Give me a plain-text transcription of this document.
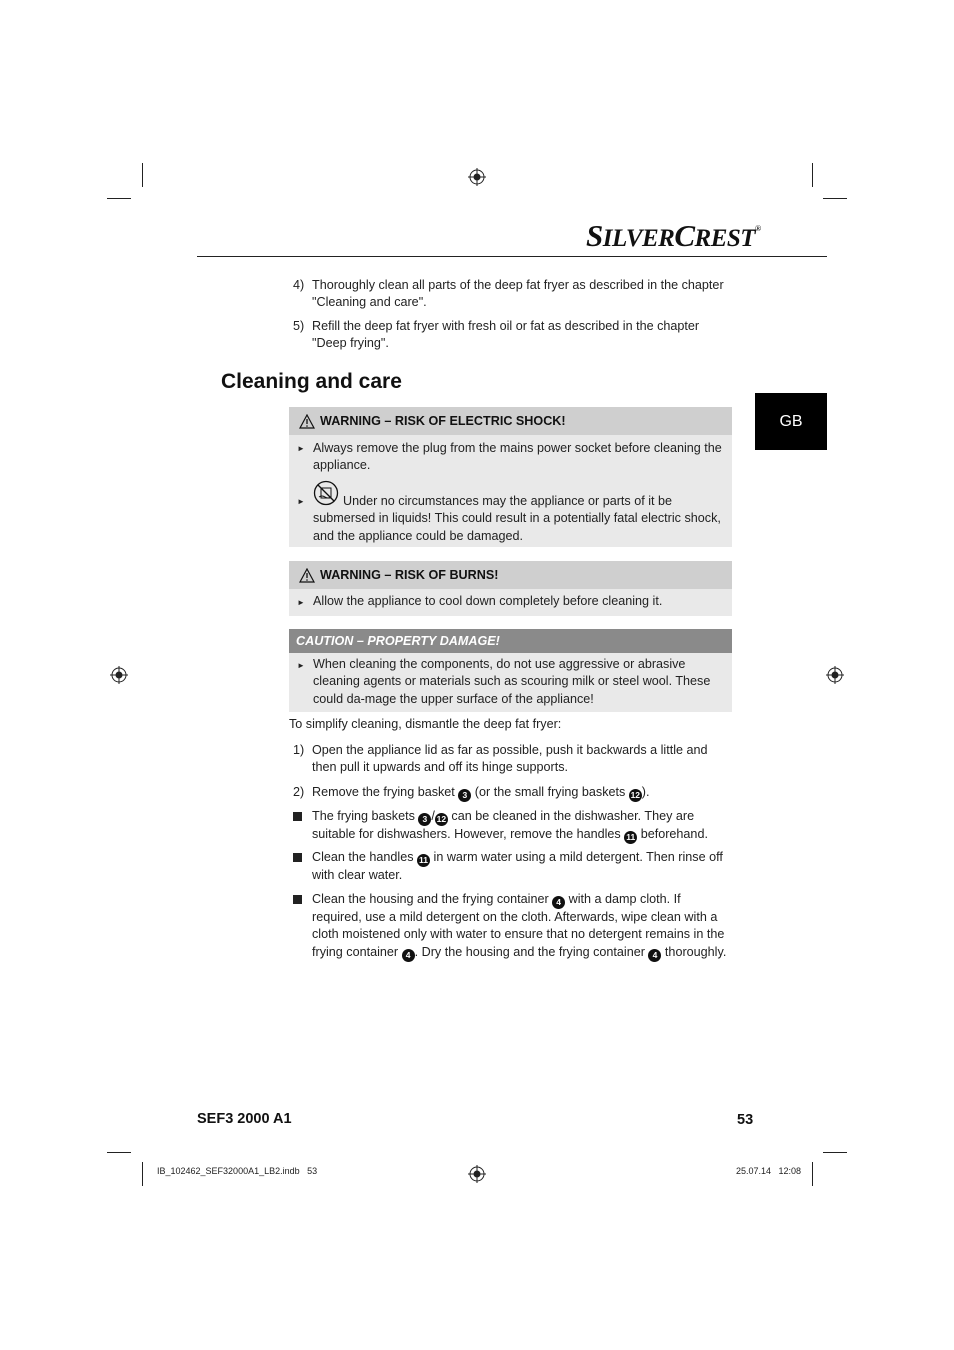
SILVERCREST®
GB
4) Thoroughly clean all parts of the deep fat fryer as described in the chapter "Cleaning and care".
5) Refill the deep fat fryer with fresh oil or fat as described in the chapter "Deep frying".
Cleaning and care
WARNING – RISK OF ELECTRIC SHOCK!
► Always remove the plug from the mains power socket before cleaning the appliance.
►	Under no circumstances may the appliance or parts of it be submersed in liquids! This could result in a potentially fatal electric shock, and the appliance could be damaged.
WARNING – RISK OF BURNS!
► Allow the appliance to cool down completely before cleaning it.
CAUTION – PROPERTY DAMAGE!
► When cleaning the components, do not use aggressive or abrasive cleaning agents or materials such as scouring milk or steel wool. These could da-mage the upper surface of the appliance!
To simplify cleaning, dismantle the deep fat fryer:
1) Open the appliance lid as far as possible, push it backwards a little and then pull it upwards and off its hinge supports.
2) Remove the frying basket 3 (or the small frying baskets 12 ).
The frying baskets 3 / 12 can be cleaned in the dishwasher. They are suitable for dishwashers. However, remove the handles 11 beforehand.
Clean the handles 11 in warm water using a mild detergent. Then rinse off with clear water.
Clean the housing and the frying container 4 with a damp cloth. If required, use a mild detergent on the cloth. Afterwards, wipe clean with a cloth moistened only with water to ensure that no detergent remains in the frying container 4 . Dry the housing and the frying container 4 thoroughly.
SEF3 2000 A1	53
IB_102462_SEF32000A1_LB2.indb   53	25.07.14   12:08
